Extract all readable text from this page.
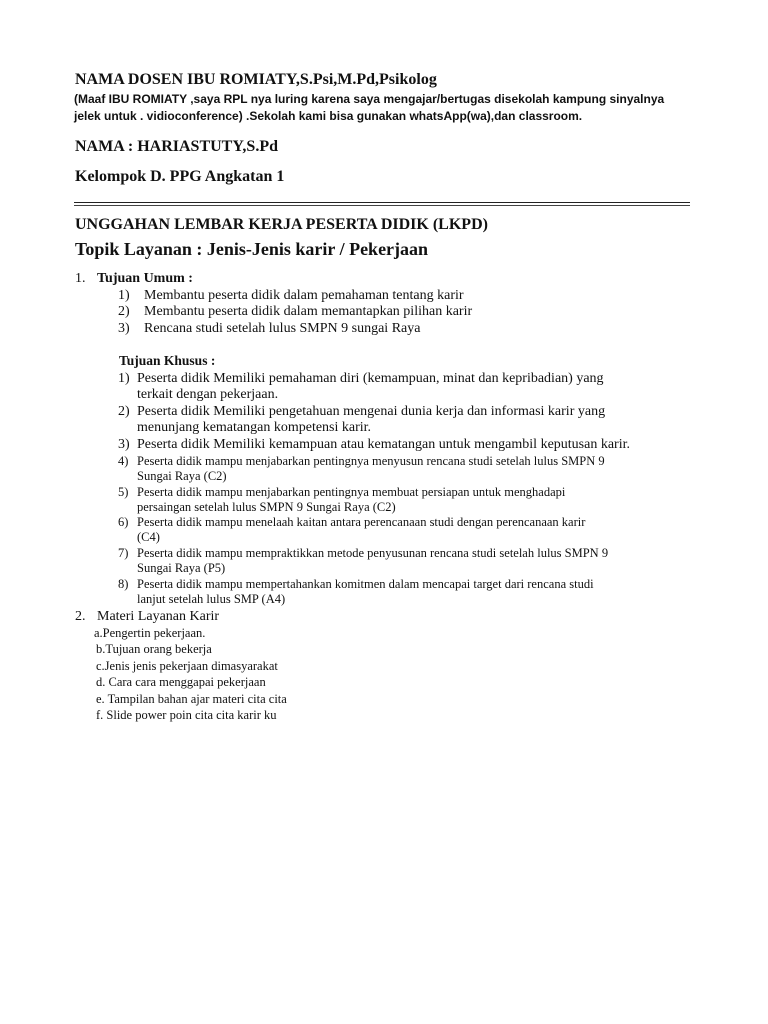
NAMA DOSEN IBU ROMIATY,S.Psi,M.Pd,Psikolog
(Maaf IBU ROMIATY ,saya RPL nya luring karena saya mengajar/bertugas disekolah kampung sinyalnya
jelek untuk . vidioconference) .Sekolah kami bisa gunakan whatsApp(wa),dan classroom.
NAMA : HARIASTUTY,S.Pd
Kelompok D. PPG Angkatan 1
UNGGAHAN LEMBAR KERJA PESERTA DIDIK (LKPD)
Topik Layanan : Jenis-Jenis karir / Pekerjaan
1. Tujuan Umum :
1) Membantu peserta didik dalam pemahaman tentang karir
2) Membantu peserta didik dalam memantapkan pilihan karir
3) Rencana studi setelah lulus SMPN 9 sungai Raya
Tujuan Khusus :
1) Peserta didik Memiliki pemahaman diri (kemampuan, minat dan kepribadian) yang
terkait dengan pekerjaan.
2) Peserta didik Memiliki pengetahuan mengenai dunia kerja dan informasi karir yang
menunjang kematangan kompetensi karir.
3) Peserta didik Memiliki kemampuan atau kematangan untuk mengambil keputusan karir.
4) Peserta didik mampu menjabarkan pentingnya menyusun rencana studi setelah lulus SMPN 9
Sungai Raya (C2)
5) Peserta didik mampu menjabarkan pentingnya membuat persiapan untuk menghadapi
persaingan setelah lulus SMPN 9 Sungai Raya (C2)
6) Peserta didik mampu menelaah kaitan antara perencanaan studi dengan perencanaan karir
(C4)
7) Peserta didik mampu mempraktikkan metode penyusunan rencana studi setelah lulus SMPN 9
Sungai Raya (P5)
8) Peserta didik mampu mempertahankan komitmen dalam mencapai target dari rencana studi
lanjut setelah lulus SMP (A4)
2. Materi Layanan Karir
a.Pengertin pekerjaan.
b.Tujuan orang bekerja
c.Jenis jenis pekerjaan dimasyarakat
d. Cara cara menggapai pekerjaan
e. Tampilan bahan ajar materi cita cita
f. Slide power poin cita cita karir ku
